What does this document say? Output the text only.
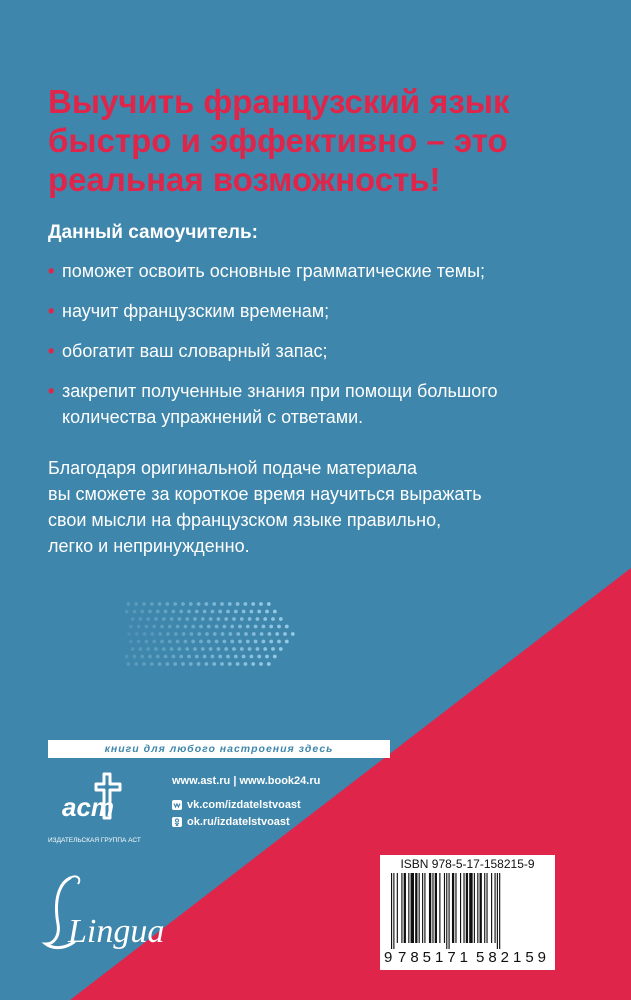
Выучить французский язык
быстро и эффективно – это
реальная возможность!

Данный самоучитель:

• поможет освоить основные грамматические темы;
• научит французским временам;
• обогатит ваш словарный запас;
• закрепит полученные знания при помощи большого
количества упражнений с ответами.
Благодаря оригинальной подаче материала
вы сможете за короткое время научиться выражать
свои мысли на французском языке правильно,
легко и непринужденно.
книги для любого настроения здесь
аст
ИЗДАТЕЛЬСКАЯ ГРУППА АСТ
www.ast.ru | www.book24.ru
vk.com/izdatelstvoast
ok.ru/izdatelstvoast
Lingua
ISBN 978-5-17-158215-9
9 7 8 5 1 7 1 5 8 2 1 5 9
